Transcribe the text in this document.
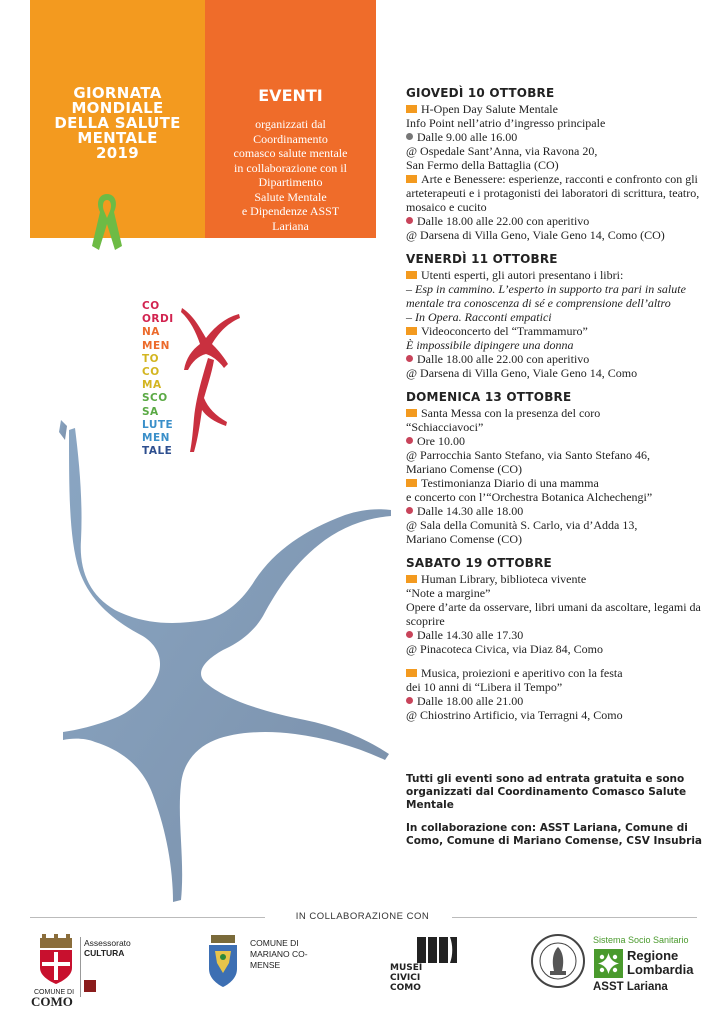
GIORNATA
MONDIALE
DELLA SALUTE
MENTALE
2019
EVENTI
organizzati dal
Coordinamento
comasco salute mentale
in collaborazione con il
Dipartimento
Salute Mentale
e Dipendenze ASST
Lariana
CO
ORDI
NA
MEN
TO
CO
MA
SCO
SA
LUTE
MEN
TALE
GIOVEDÌ 10 OTTOBRE
H-Open Day Salute Mentale
Info Point nell’atrio d’ingresso principale
Dalle 9.00 alle 16.00
@ Ospedale Sant’Anna, via Ravona 20,
San Fermo della Battaglia (CO)
Arte e Benessere: esperienze, racconti e confronto con gli arteterapeuti e i protagonisti dei laboratori di scrittura, teatro, mosaico e cucito
Dalle 18.00 alle 22.00 con aperitivo
@ Darsena di Villa Geno, Viale Geno 14, Como (CO)
VENERDÌ 11 OTTOBRE
Utenti esperti, gli autori presentano i libri:
– Esp in cammino. L’esperto in supporto tra pari in salute mentale tra conoscenza di sé e comprensione dell’altro
– In Opera. Racconti empatici
Videoconcerto del “Trammamuro”
È impossibile dipingere una donna
Dalle 18.00 alle 22.00 con aperitivo
@ Darsena di Villa Geno, Viale Geno 14, Como
DOMENICA 13 OTTOBRE
Santa Messa con la presenza del coro
“Schiacciavoci”
Ore 10.00
@ Parrocchia Santo Stefano, via Santo Stefano 46,
Mariano Comense (CO)
Testimonianza Diario di una mamma
e concerto con l’“Orchestra Botanica Alchechengi”
Dalle 14.30 alle 18.00
@ Sala della Comunità S. Carlo, via d’Adda 13,
Mariano Comense (CO)
SABATO 19 OTTOBRE
Human Library, biblioteca vivente
“Note a margine”
Opere d’arte da osservare, libri umani da ascoltare, legami da scoprire
Dalle 14.30 alle 17.30
@ Pinacoteca Civica, via Diaz 84, Como
Musica, proiezioni e aperitivo con la festa
dei 10 anni di “Libera il Tempo”
Dalle 18.00 alle 21.00
@ Chiostrino Artificio, via Terragni 4, Como

Tutti gli eventi sono ad entrata gratuita e sono organizzati dal Coordinamento Comasco Salute Mentale

In collaborazione con: ASST Lariana, Comune di Como, Comune di Mariano Comense, CSV Insubria

IN COLLABORAZIONE CON
COMUNE DI
COMO
Assessorato
CULTURA
COMUNE DI
MARIANO CO-
MENSE	MUSEI
CIVICI
COMO
Sistema Socio Sanitario
Regione
Lombardia
ASST Lariana
